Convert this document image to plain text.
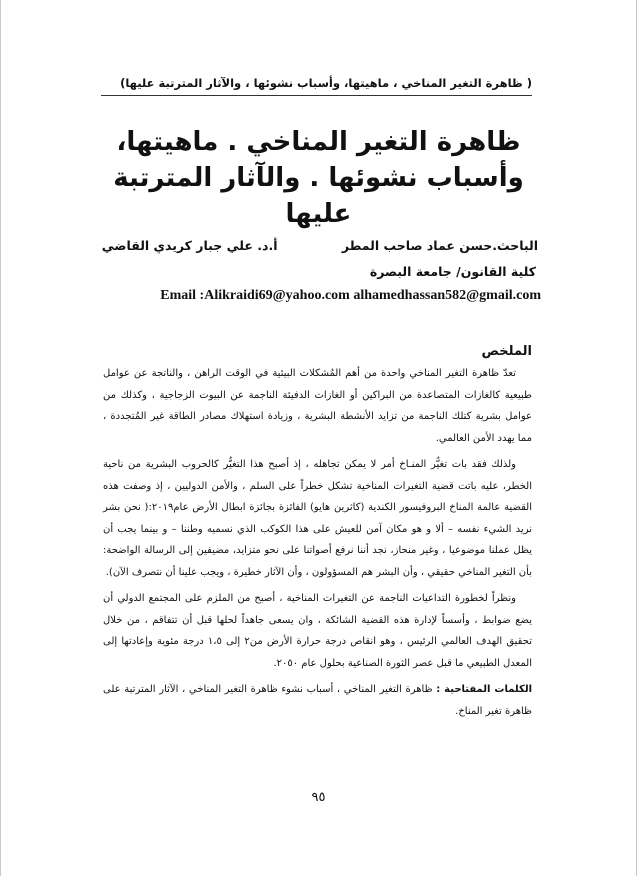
( ظاهرة التغير المناخي ، ماهيتها، وأسباب نشوئها ، والآثار المترتبة عليها)
ظاهرة التغير المناخي . ماهيتها، وأسباب نشوئها . والآثار المترتبة عليها
الباحث.حسن عماد صاحب المطر أ.د. علي جبار كريدي القاضي
كلية القانون/ جامعة البصرة
Email :Alikraidi69@yahoo.com alhamedhassan582@gmail.com
الملخص

تعدّ ظاهرة التغير المناخي واحدة من أهم المُشكلات البيئية في الوقت الراهن ، والناتجة عن عوامل طبيعية كالغازات المتصاعدة من البراكين أو الغازات الدفيئة الناجمة عن البيوت الزجاجية ، وكذلك من عوامل بشرية كتلك الناجمة من تزايد الأنشطة البشرية ، وزيادة استهلاك مصادر الطاقة غير المُتجددة ، مما يهدد الأمن العالمي.

ولذلك فقد بات تغيُّر المنـاخ أمر لا يمكن تجاهله ، إذ أصبح هذا التغيُّر كالحروب البشرية من ناحية الخطر، عليه باتت قضية التغيرات المناخية تشكل خطراً على السلم ، والأمن الدوليين ، إذ وصفت هذه القضية عالمة المناخ البروفيسور الكندية (كاثرين هايو) الفائزة بجائزة ابطال الأرض عام٢٠١٩:( نحن بشر نريد الشيء نفسه – ألا و هو مكان آمن للعيش على هذا الكوكب الذي نسميه وطننا – و بينما يجب أن يظل عملنا موضوعيا ، وغير منحاز، نجد أننا نرفع أصواتنا على نحو متزايد، مضيفين إلى الرسالة الواضحة: بأن التغير المناخي حقيقي ، وأن البشر هم المسؤولون ، وأن الآثار خطيرة ، ويجب علينا أن نتصرف الآن).

ونظراً لخطورة التداعيات الناجمة عن التغيرات المناخية ، أصبح من الملزم على المجتمع الدولي أن يضع ضوابط ، وأسساً لإدارة هذه القضية الشائكة ، وان يسعى جاهداً لحلها قبل أن تتفاقم ، من خلال تحقيق الهدف العالمي الرئيس ، وهو انقاص درجة حرارة الأرض من٢ إلى ١،٥ درجة مئوية وإعادتها إلى المعدل الطبيعي ما قبل عصر الثورة الصناعية بحلول عام ٢٠٥٠.

الكلمات المفتاحية : ظاهرة التغير المناخي ، أسباب نشوء ظاهرة التغير المناخي ، الآثار المترتبة على ظاهرة تغير المناخ.

٩٥
